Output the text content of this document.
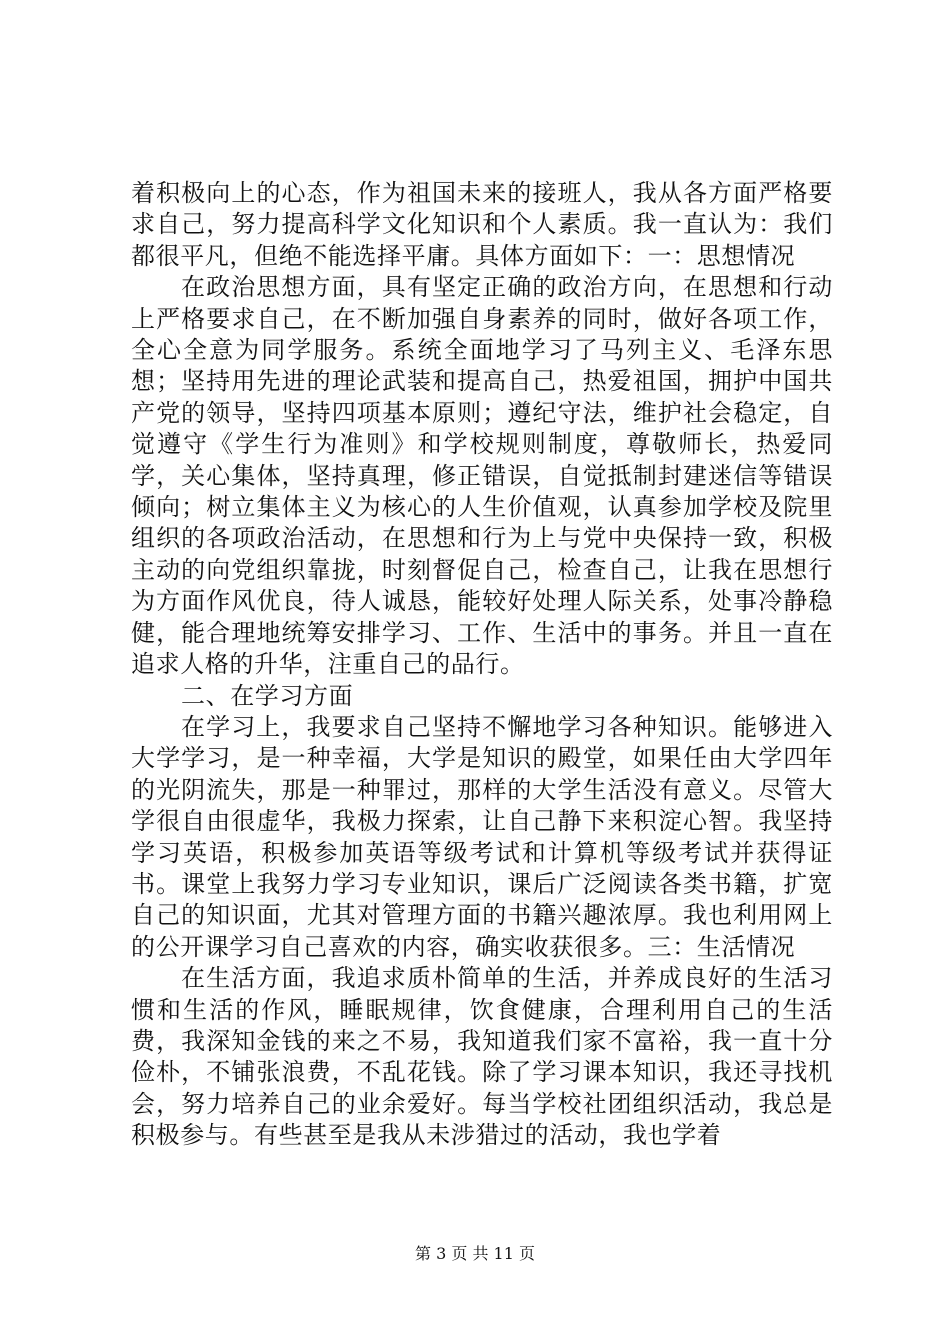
着积极向上的心态，作为祖国未来的接班人，我从各方面严格要求自己，努力提高科学文化知识和个人素质。我一直认为：我们都很平凡，但绝不能选择平庸。具体方面如下：一：思想情况

在政治思想方面，具有坚定正确的政治方向，在思想和行动上严格要求自己，在不断加强自身素养的同时，做好各项工作，全心全意为同学服务。系统全面地学习了马列主义、毛泽东思想；坚持用先进的理论武装和提高自己，热爱祖国，拥护中国共产党的领导，坚持四项基本原则；遵纪守法，维护社会稳定，自觉遵守《学生行为准则》和学校规则制度，尊敬师长，热爱同学，关心集体，坚持真理，修正错误，自觉抵制封建迷信等错误倾向；树立集体主义为核心的人生价值观，认真参加学校及院里组织的各项政治活动，在思想和行为上与党中央保持一致，积极主动的向党组织靠拢，时刻督促自己，检查自己，让我在思想行为方面作风优良，待人诚恳，能较好处理人际关系，处事冷静稳健，能合理地统筹安排学习、工作、生活中的事务。并且一直在追求人格的升华，注重自己的品行。

二、在学习方面

在学习上，我要求自己坚持不懈地学习各种知识。能够进入大学学习，是一种幸福，大学是知识的殿堂，如果任由大学四年的光阴流失，那是一种罪过，那样的大学生活没有意义。尽管大学很自由很虚华，我极力探索，让自己静下来积淀心智。我坚持学习英语，积极参加英语等级考试和计算机等级考试并获得证书。课堂上我努力学习专业知识，课后广泛阅读各类书籍，扩宽自己的知识面，尤其对管理方面的书籍兴趣浓厚。我也利用网上的公开课学习自己喜欢的内容，确实收获很多。三：生活情况

在生活方面，我追求质朴简单的生活，并养成良好的生活习惯和生活的作风，睡眠规律，饮食健康，合理利用自己的生活费，我深知金钱的来之不易，我知道我们家不富裕，我一直十分俭朴，不铺张浪费，不乱花钱。除了学习课本知识，我还寻找机会，努力培养自己的业余爱好。每当学校社团组织活动，我总是积极参与。有些甚至是我从未涉猎过的活动，我也学着

第 3 页 共 11 页
